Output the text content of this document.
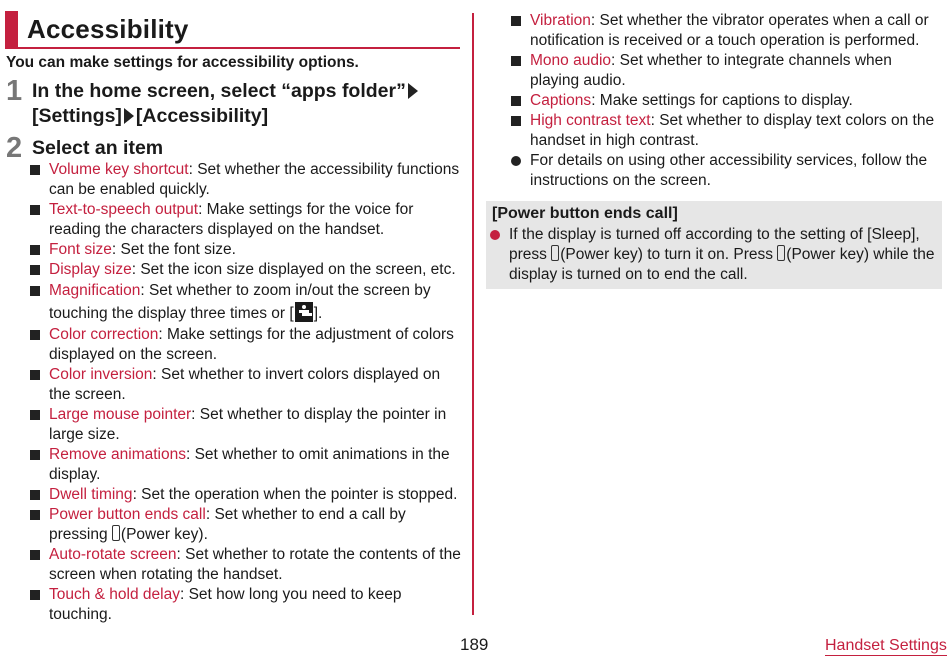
Accessibility
You can make settings for accessibility options.
1 In the home screen, select “apps folder”
[Settings] [Accessibility]
2 Select an item
Volume key shortcut: Set whether the accessibility functions can be enabled quickly.
Text-to-speech output: Make settings for the voice for reading the characters displayed on the handset.
Font size: Set the font size.
Display size: Set the icon size displayed on the screen, etc.
Magnification: Set whether to zoom in/out the screen by touching the display three times or [ ].
Color correction: Make settings for the adjustment of colors displayed on the screen.
Color inversion: Set whether to invert colors displayed on the screen.
Large mouse pointer: Set whether to display the pointer in large size.
Remove animations: Set whether to omit animations in the display.
Dwell timing: Set the operation when the pointer is stopped.
Power button ends call: Set whether to end a call by pressing (Power key).
Auto-rotate screen: Set whether to rotate the contents of the screen when rotating the handset.
Touch & hold delay: Set how long you need to keep touching.
Vibration: Set whether the vibrator operates when a call or notification is received or a touch operation is performed.
Mono audio: Set whether to integrate channels when playing audio.
Captions: Make settings for captions to display.
High contrast text: Set whether to display text colors on the handset in high contrast.
For details on using other accessibility services, follow the instructions on the screen.
[Power button ends call]
If the display is turned off according to the setting of [Sleep], press (Power key) to turn it on. Press (Power key) while the display is turned on to end the call.
189	Handset Settings
